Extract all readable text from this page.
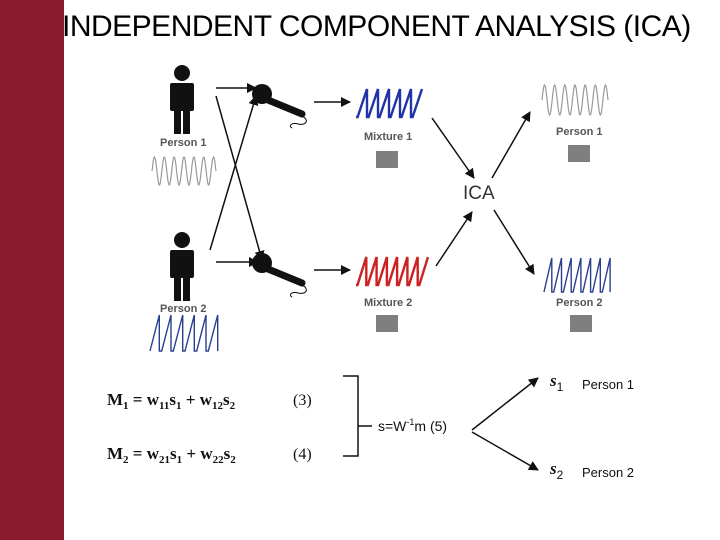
INDEPENDENT COMPONENT ANALYSIS (ICA)
Person 1
Person 2
Mixture 1
Mixture 2
ICA
Person 1
Person 2
$M_1 = w_{11}s_1 + w_{12}s_2$	(3)
$M_2 = w_{21}s_1 + w_{22}s_2$	(4)
$s=W^{-1}m$ (5)
$s_1$ Person 1
$s_2$ Person 2
